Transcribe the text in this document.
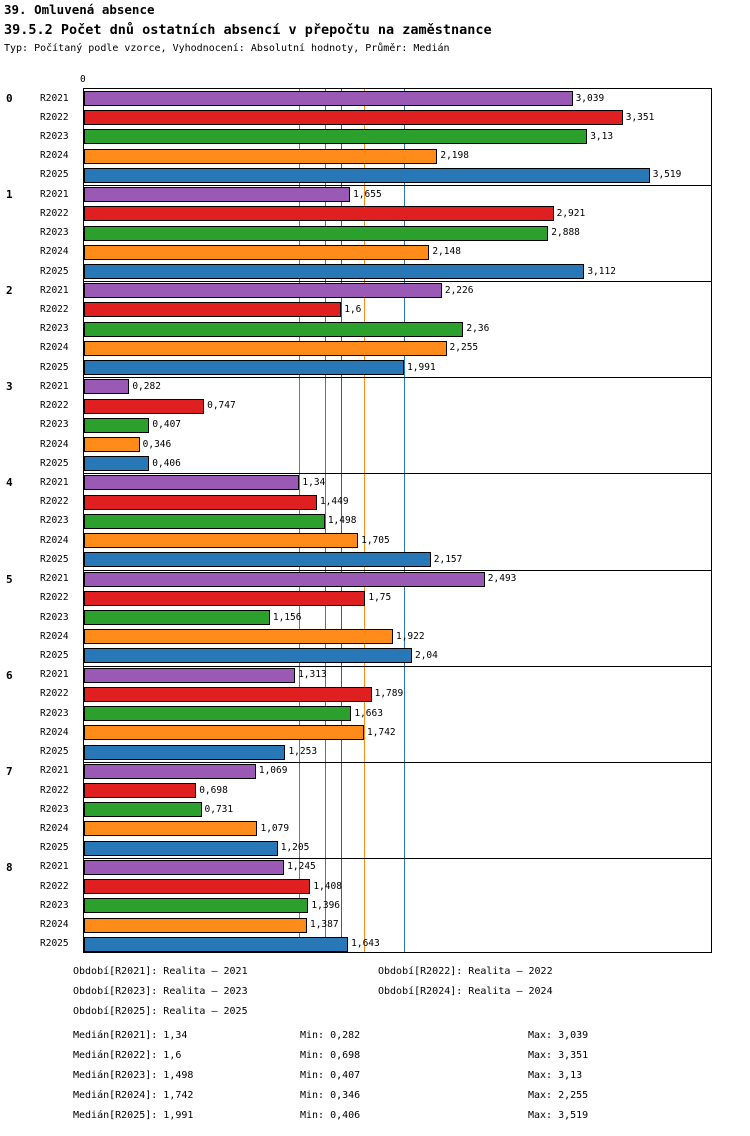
39. Omluvená absence
39.5.2 Počet dnů ostatních absencí v přepočtu na zaměstnance
Typ: Počítaný podle vzorce, Vyhodnocení: Absolutní hodnoty, Průměr: Medián
0
0	R2021	3,039
R2022	3,351
R2023	3,13
R2024	2,198
R2025	3,519
1	R2021	1,655
R2022	2,921
R2023	2,888
R2024	2,148
R2025	3,112
2	R2021	2,226
R2022	1,6
R2023	2,36
R2024	2,255
R2025	1,991
3	R2021	0,282
R2022	0,747
R2023	0,407
R2024	0,346
R2025	0,406
4	R2021	1,34
R2022	1,449
R2023	1,498
R2024	1,705
R2025	2,157
5	R2021	2,493
R2022	1,75
R2023	1,156
R2024	1,922
R2025	2,04
6	R2021	1,313
R2022	1,789
R2023	1,663
R2024	1,742
R2025	1,253
7	R2021	1,069
R2022	0,698
R2023	0,731
R2024	1,079
R2025	1,205
8	R2021	1,245
R2022	1,408
R2023	1,396
R2024	1,387
R2025	1,643
Období[R2021]: Realita – 2021	Období[R2022]: Realita – 2022
Období[R2023]: Realita – 2023	Období[R2024]: Realita – 2024
Období[R2025]: Realita – 2025
Medián[R2021]: 1,34	Min: 0,282	Max: 3,039
Medián[R2022]: 1,6	Min: 0,698	Max: 3,351
Medián[R2023]: 1,498	Min: 0,407	Max: 3,13
Medián[R2024]: 1,742	Min: 0,346	Max: 2,255
Medián[R2025]: 1,991	Min: 0,406	Max: 3,519
